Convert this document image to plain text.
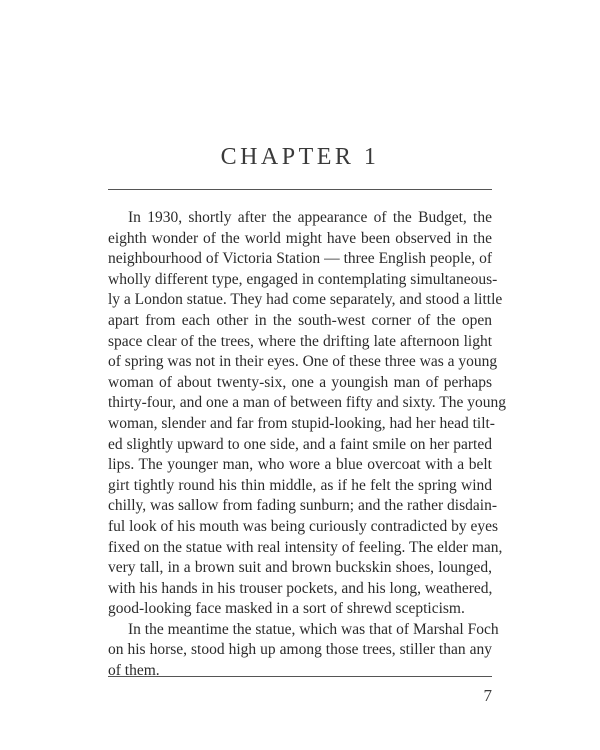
CHAPTER 1

In 1930, shortly after the appearance of the Budget, the
eighth wonder of the world might have been observed in the
neighbourhood of Victoria Station — three English people, of
wholly different type, engaged in contemplating simultaneous-
ly a London statue. They had come separately, and stood a little
apart from each other in the south-west corner of the open
space clear of the trees, where the drifting late afternoon light
of spring was not in their eyes. One of these three was a young
woman of about twenty-six, one a youngish man of perhaps
thirty-four, and one a man of between fifty and sixty. The young
woman, slender and far from stupid-looking, had her head tilt-
ed slightly upward to one side, and a faint smile on her parted
lips. The younger man, who wore a blue overcoat with a belt
girt tightly round his thin middle, as if he felt the spring wind
chilly, was sallow from fading sunburn; and the rather disdain-
ful look of his mouth was being curiously contradicted by eyes
fixed on the statue with real intensity of feeling. The elder man,
very tall, in a brown suit and brown buckskin shoes, lounged,
with his hands in his trouser pockets, and his long, weathered,
good-looking face masked in a sort of shrewd scepticism.

In the meantime the statue, which was that of Marshal Foch
on his horse, stood high up among those trees, stiller than any
of them.

7
